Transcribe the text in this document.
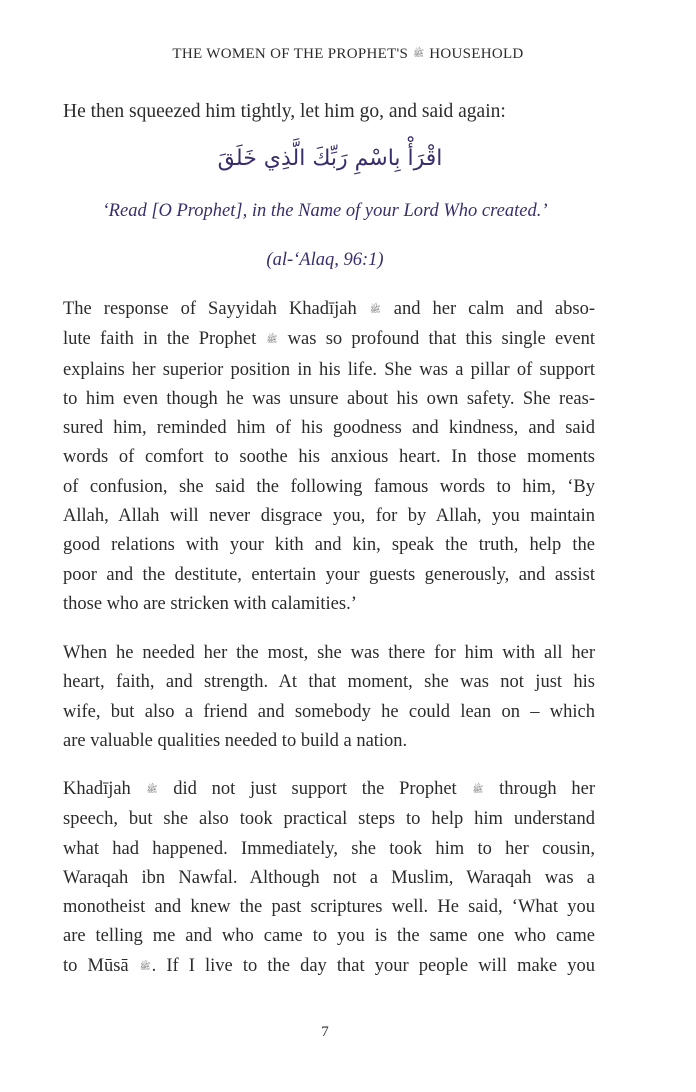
THE WOMEN OF THE PROPHET'S ﷺ HOUSEHOLD

He then squeezed him tightly, let him go, and said again:

اقْرَأْ بِاسْمِ رَبِّكَ الَّذِي خَلَقَ

‘Read [O Prophet], in the Name of your Lord Who created.’

(al-‘Alaq, 96:1)

The response of Sayyidah Khadījah ﷺ and her calm and abso-
lute faith in the Prophet ﷺ was so profound that this single event
explains her superior position in his life. She was a pillar of support
to him even though he was unsure about his own safety. She reas-
sured him, reminded him of his goodness and kindness, and said
words of comfort to soothe his anxious heart. In those moments
of confusion, she said the following famous words to him, ‘By
Allah, Allah will never disgrace you, for by Allah, you maintain
good relations with your kith and kin, speak the truth, help the
poor and the destitute, entertain your guests generously, and assist
those who are stricken with calamities.’
When he needed her the most, she was there for him with all her
heart, faith, and strength. At that moment, she was not just his
wife, but also a friend and somebody he could lean on – which
are valuable qualities needed to build a nation.
Khadījah ﷺ did not just support the Prophet ﷺ through her
speech, but she also took practical steps to help him understand
what had happened. Immediately, she took him to her cousin,
Waraqah ibn Nawfal. Although not a Muslim, Waraqah was a
monotheist and knew the past scriptures well. He said, ‘What you
are telling me and who came to you is the same one who came
to Mūsā ﷺ. If I live to the day that your people will make you
7
